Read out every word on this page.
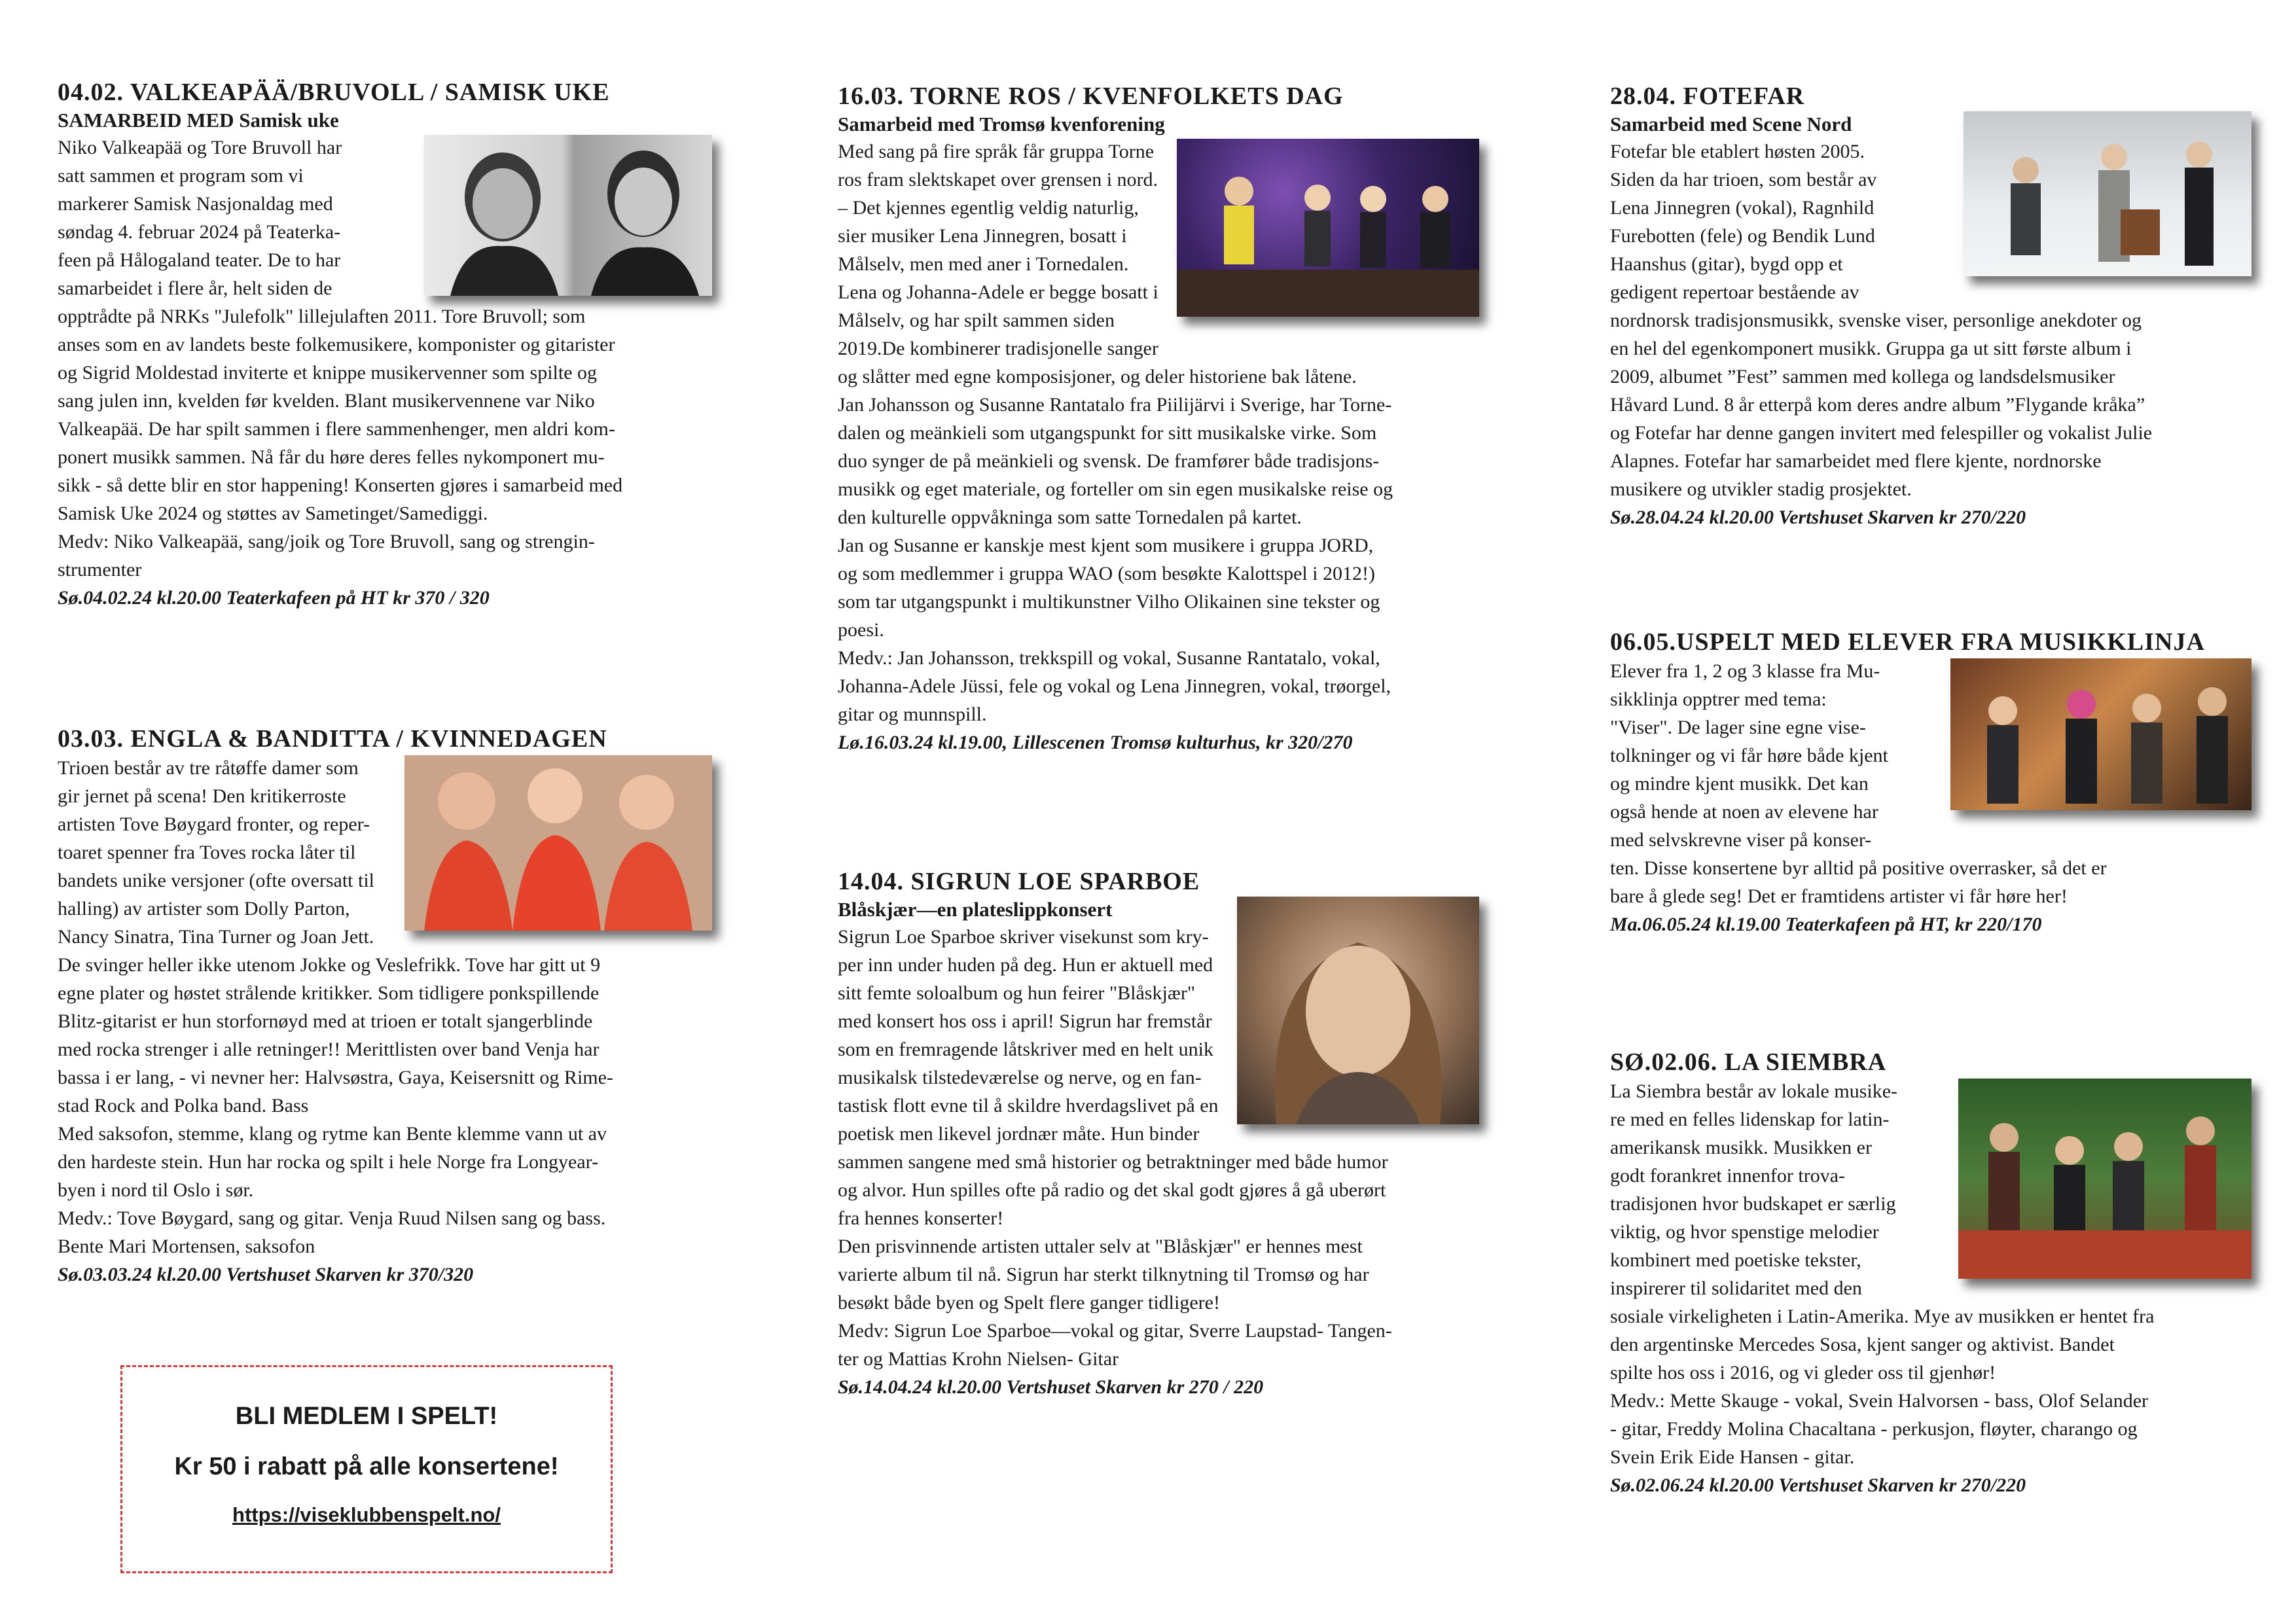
04.02. VALKEAPÄÄ/BRUVOLL / SAMISK UKE
SAMARBEID MED Samisk uke

Niko Valkeapää og Tore Bruvoll har

satt sammen et program som vi

markerer Samisk Nasjonaldag med

søndag 4. februar 2024 på Teaterka-

feen på Hålogaland teater. De to har

samarbeidet i flere år, helt siden de

opptrådte på NRKs "Julefolk" lillejulaften 2011. Tore Bruvoll; som

anses som en av landets beste folkemusikere, komponister og gitarister

og Sigrid Moldestad inviterte et knippe musikervenner som spilte og

sang julen inn, kvelden før kvelden. Blant musikervennene var Niko

Valkeapää. De har spilt sammen i flere sammenhenger, men aldri kom-

ponert musikk sammen. Nå får du høre deres felles nykomponert mu-

sikk - så dette blir en stor happening! Konserten gjøres i samarbeid med

Samisk Uke 2024 og støttes av Sametinget/Samediggi.

Medv: Niko Valkeapää, sang/joik og Tore Bruvoll, sang og strengin-

strumenter

Sø.04.02.24 kl.20.00 Teaterkafeen på HT kr 370 / 320
03.03. ENGLA & BANDITTA / KVINNEDAGEN

Trioen består av tre råtøffe damer som

gir jernet på scena! Den kritikerroste

artisten Tove Bøygard fronter, og reper-

toaret spenner fra Toves rocka låter til

bandets unike versjoner (ofte oversatt til

halling) av artister som Dolly Parton,

Nancy Sinatra, Tina Turner og Joan Jett.

De svinger heller ikke utenom Jokke og Veslefrikk. Tove har gitt ut 9

egne plater og høstet strålende kritikker. Som tidligere ponkspillende

Blitz-gitarist er hun storfornøyd med at trioen er totalt sjangerblinde

med rocka strenger i alle retninger!! Merittlisten over band Venja har

bassa i er lang, - vi nevner her: Halvsøstra, Gaya, Keisersnitt og Rime-

stad Rock and Polka band. Bass

Med saksofon, stemme, klang og rytme kan Bente klemme vann ut av

den hardeste stein. Hun har rocka og spilt i hele Norge fra Longyear-

byen i nord til Oslo i sør.

Medv.: Tove Bøygard, sang og gitar. Venja Ruud Nilsen sang og bass.

Bente Mari Mortensen, saksofon

Sø.03.03.24 kl.20.00 Vertshuset Skarven kr 370/320
BLI MEDLEM I SPELT!
Kr 50 i rabatt på alle konsertene!
https://viseklubbenspelt.no/
16.03. TORNE ROS / KVENFOLKETS DAG
Samarbeid med Tromsø kvenforening

Med sang på fire språk får gruppa Torne

ros fram slektskapet over grensen i nord.

– Det kjennes egentlig veldig naturlig,

sier musiker Lena Jinnegren, bosatt i

Målselv, men med aner i Tornedalen.

Lena og Johanna-Adele er begge bosatt i

Målselv, og har spilt sammen siden

2019.De kombinerer tradisjonelle sanger

og slåtter med egne komposisjoner, og deler historiene bak låtene.

Jan Johansson og Susanne Rantatalo fra Piilijärvi i Sverige, har Torne-

dalen og meänkieli som utgangspunkt for sitt musikalske virke. Som

duo synger de på meänkieli og svensk. De framfører både tradisjons-

musikk og eget materiale, og forteller om sin egen musikalske reise og

den kulturelle oppvåkninga som satte Tornedalen på kartet.

Jan og Susanne er kanskje mest kjent som musikere i gruppa JORD,

og som medlemmer i gruppa WAO (som besøkte Kalottspel i 2012!)

som tar utgangspunkt i multikunstner Vilho Olikainen sine tekster og

poesi.

Medv.: Jan Johansson, trekkspill og vokal, Susanne Rantatalo, vokal,

Johanna-Adele Jüssi, fele og vokal og Lena Jinnegren, vokal, trøorgel,

gitar og munnspill.

Lø.16.03.24 kl.19.00, Lillescenen Tromsø kulturhus, kr 320/270
14.04. SIGRUN LOE SPARBOE
Blåskjær—en plateslippkonsert

Sigrun Loe Sparboe skriver visekunst som kry-

per inn under huden på deg. Hun er aktuell med

sitt femte soloalbum og hun feirer "Blåskjær"

med konsert hos oss i april! Sigrun har fremstår

som en fremragende låtskriver med en helt unik

musikalsk tilstedeværelse og nerve, og en fan-

tastisk flott evne til å skildre hverdagslivet på en

poetisk men likevel jordnær måte. Hun binder

sammen sangene med små historier og betraktninger med både humor

og alvor. Hun spilles ofte på radio og det skal godt gjøres å gå uberørt

fra hennes konserter!

Den prisvinnende artisten uttaler selv at "Blåskjær" er hennes mest

varierte album til nå. Sigrun har sterkt tilknytning til Tromsø og har

besøkt både byen og Spelt flere ganger tidligere!

Medv: Sigrun Loe Sparboe—vokal og gitar, Sverre Laupstad- Tangen-

ter og Mattias Krohn Nielsen- Gitar

Sø.14.04.24 kl.20.00 Vertshuset Skarven kr 270 / 220
28.04. FOTEFAR
Samarbeid med Scene Nord

Fotefar ble etablert høsten 2005.

Siden da har trioen, som består av

Lena Jinnegren (vokal), Ragnhild

Furebotten (fele) og Bendik Lund

Haanshus (gitar), bygd opp et

gedigent repertoar bestående av

nordnorsk tradisjonsmusikk, svenske viser, personlige anekdoter og

en hel del egenkomponert musikk. Gruppa ga ut sitt første album i

2009, albumet ”Fest” sammen med kollega og landsdelsmusiker

Håvard Lund. 8 år etterpå kom deres andre album ”Flygande kråka”

og Fotefar har denne gangen invitert med felespiller og vokalist Julie

Alapnes. Fotefar har samarbeidet med flere kjente, nordnorske

musikere og utvikler stadig prosjektet.

Sø.28.04.24 kl.20.00 Vertshuset Skarven kr 270/220
06.05.USPELT MED ELEVER FRA MUSIKKLINJA

Elever fra 1, 2 og 3 klasse fra Mu-

sikklinja opptrer med tema:

"Viser". De lager sine egne vise-

tolkninger og vi får høre både kjent

og mindre kjent musikk. Det kan

også hende at noen av elevene har

med selvskrevne viser på konser-

ten. Disse konsertene byr alltid på positive overrasker, så det er

bare å glede seg! Det er framtidens artister vi får høre her!

Ma.06.05.24 kl.19.00 Teaterkafeen på HT, kr 220/170
SØ.02.06. LA SIEMBRA

La Siembra består av lokale musike-

re med en felles lidenskap for latin-

amerikansk musikk. Musikken er

godt forankret innenfor trova-

tradisjonen hvor budskapet er særlig

viktig, og hvor spenstige melodier

kombinert med poetiske tekster,

inspirerer til solidaritet med den

sosiale virkeligheten i Latin-Amerika. Mye av musikken er hentet fra

den argentinske Mercedes Sosa, kjent sanger og aktivist. Bandet

spilte hos oss i 2016, og vi gleder oss til gjenhør!

Medv.: Mette Skauge - vokal, Svein Halvorsen - bass, Olof Selander

- gitar, Freddy Molina Chacaltana - perkusjon, fløyter, charango og

Svein Erik Eide Hansen - gitar.

Sø.02.06.24 kl.20.00 Vertshuset Skarven kr 270/220
